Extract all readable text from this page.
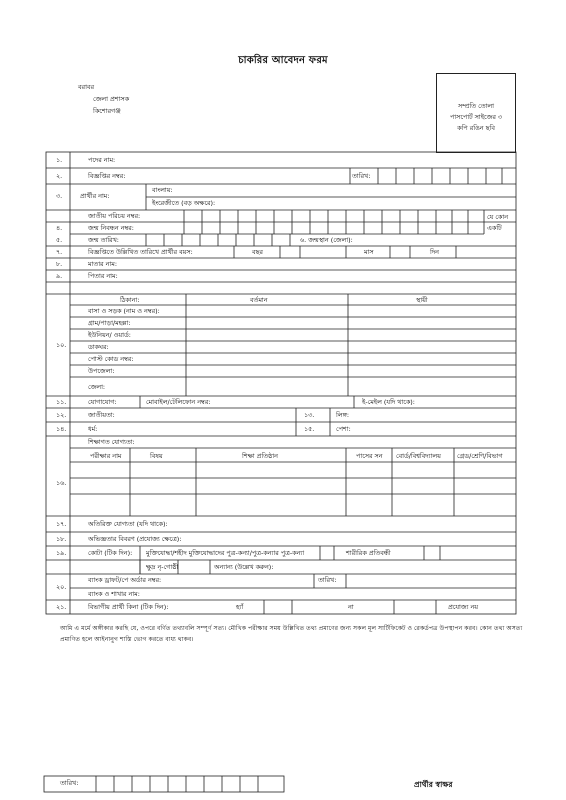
চাকরির আবেদন ফরম
বরাবর
জেলা প্রশাসক
কিশোরগঞ্জ
সম্প্রতি তোলা
পাসপোর্ট সাইজের ৩
কপি রঙিন ছবি
১.	পদের নাম:
২.	বিজ্ঞপ্তির নম্বর:	তারিখ:
৩.	প্রার্থীর নাম:
বাংলায়:
ইংরেজীতে (বড় অক্ষরে):
জাতীয় পরিচয় নম্বর:
৪.	জন্ম নিবন্ধন নম্বর:
যে কোন
একটি
৫.	জন্ম তারিখ:	৬. জন্মস্থান (জেলা):
৭.	বিজ্ঞপ্তিতে উল্লিখিত তারিখে প্রার্থীর বয়স:	বছর	মাস	দিন
৮.	মাতার নাম:
৯.	পিতার নাম:
১০.
ঠিকানা:	বর্তমান	স্থায়ী
বাসা ও সড়ক (নাম ও নম্বর):
গ্রাম/পাড়া/মহল্লা:
ইউনিয়ন/ ওয়ার্ড:
ডাকঘর:
পোস্ট কোড নম্বর:
উপজেলা:
জেলা:
১১.	যোগাযোগ:	মোবাইল/টেলিফোন নম্বর:	ই-মেইল (যদি থাকে):
১২.	জাতীয়তা:	১৩.	লিঙ্গ:
১৪.	ধর্ম:	১৫.	পেশা:
১৬.
শিক্ষাগত যোগ্যতা:
পরীক্ষার নাম	বিষয়	শিক্ষা প্রতিষ্ঠান	পাসের সন বোর্ড/বিশ্ববিদ্যালয়	গ্রেড/শ্রেণি/বিভাগ
১৭.	অতিরিক্ত যোগ্যতা (যদি থাকে):
১৮.	অভিজ্ঞতার বিবরণ (প্রযোজ্য ক্ষেত্রে):
১৯.	কোটা (টিক দিন): মুক্তিযোদ্ধা/শহীদ মুক্তিযোদ্ধাদের পুত্র-কন্যা/পুত্র-কন্যার পুত্র-কন্যা	শারীরিক প্রতিবন্ধী
ক্ষুদ্র নৃ-গোষ্ঠী	অন্যান্য (উল্লেখ করুন):
২০.
ব্যাংক ড্রাফট/পে অর্ডার নম্বর:	তারিখ:
ব্যাংক ও শাখার নাম:
২১.	বিভাগীয় প্রার্থী কিনা (টিক দিন):	হ্যাঁ	না	প্রযোজ্য নয়
আমি এ মর্মে অঙ্গীকার করছি যে, ওপরে বর্ণিত তথ্যাবলি সম্পূর্ণ সত্য। মৌখিক পরীক্ষার সময় উল্লিখিত তথ্য প্রমাণের জন্য সকল মূল সার্টিফিকেট ও রেকর্ডপত্র উপস্থাপন করব। কোন তথ্য অসত্য প্রমাণিত হলে আইনানুগ শাস্তি ভোগ করতে বাধ্য থাকব।
তারিখ:	প্রার্থীর স্বাক্ষর
